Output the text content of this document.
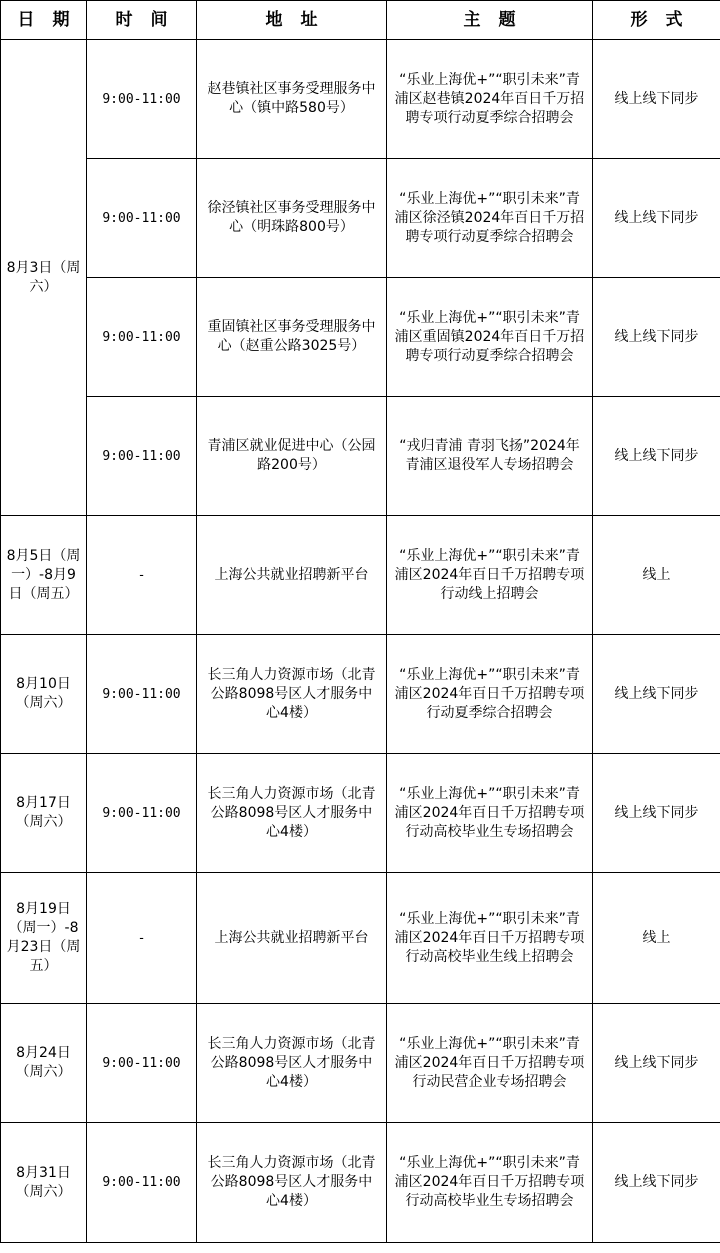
日期	时间	地址	主题	形式
8月3日（周六）	9:00-11:00	赵巷镇社区事务受理服务中心（镇中路580号）	“乐业上海优+”“职引未来”青浦区赵巷镇2024年百日千万招聘专项行动夏季综合招聘会	线上线下同步
	9:00-11:00	徐泾镇社区事务受理服务中心（明珠路800号）	“乐业上海优+”“职引未来”青浦区徐泾镇2024年百日千万招聘专项行动夏季综合招聘会	线上线下同步
	9:00-11:00	重固镇社区事务受理服务中心（赵重公路3025号）	“乐业上海优+”“职引未来”青浦区重固镇2024年百日千万招聘专项行动夏季综合招聘会	线上线下同步
	9:00-11:00	青浦区就业促进中心（公园路200号）	“戎归青浦 青羽飞扬”2024年青浦区退役军人专场招聘会	线上线下同步
8月5日（周一）-8月9日（周五）	-	上海公共就业招聘新平台	“乐业上海优+”“职引未来”青浦区2024年百日千万招聘专项行动线上招聘会	线上
8月10日（周六）	9:00-11:00	长三角人力资源市场（北青公路8098号区人才服务中心4楼）	“乐业上海优+”“职引未来”青浦区2024年百日千万招聘专项行动夏季综合招聘会	线上线下同步
8月17日（周六）	9:00-11:00	长三角人力资源市场（北青公路8098号区人才服务中心4楼）	“乐业上海优+”“职引未来”青浦区2024年百日千万招聘专项行动高校毕业生专场招聘会	线上线下同步
8月19日（周一）-8月23日（周五）	-	上海公共就业招聘新平台	“乐业上海优+”“职引未来”青浦区2024年百日千万招聘专项行动高校毕业生线上招聘会	线上
8月24日（周六）	9:00-11:00	长三角人力资源市场（北青公路8098号区人才服务中心4楼）	“乐业上海优+”“职引未来”青浦区2024年百日千万招聘专项行动民营企业专场招聘会	线上线下同步
8月31日（周六）	9:00-11:00	长三角人力资源市场（北青公路8098号区人才服务中心4楼）	“乐业上海优+”“职引未来”青浦区2024年百日千万招聘专项行动高校毕业生专场招聘会	线上线下同步
